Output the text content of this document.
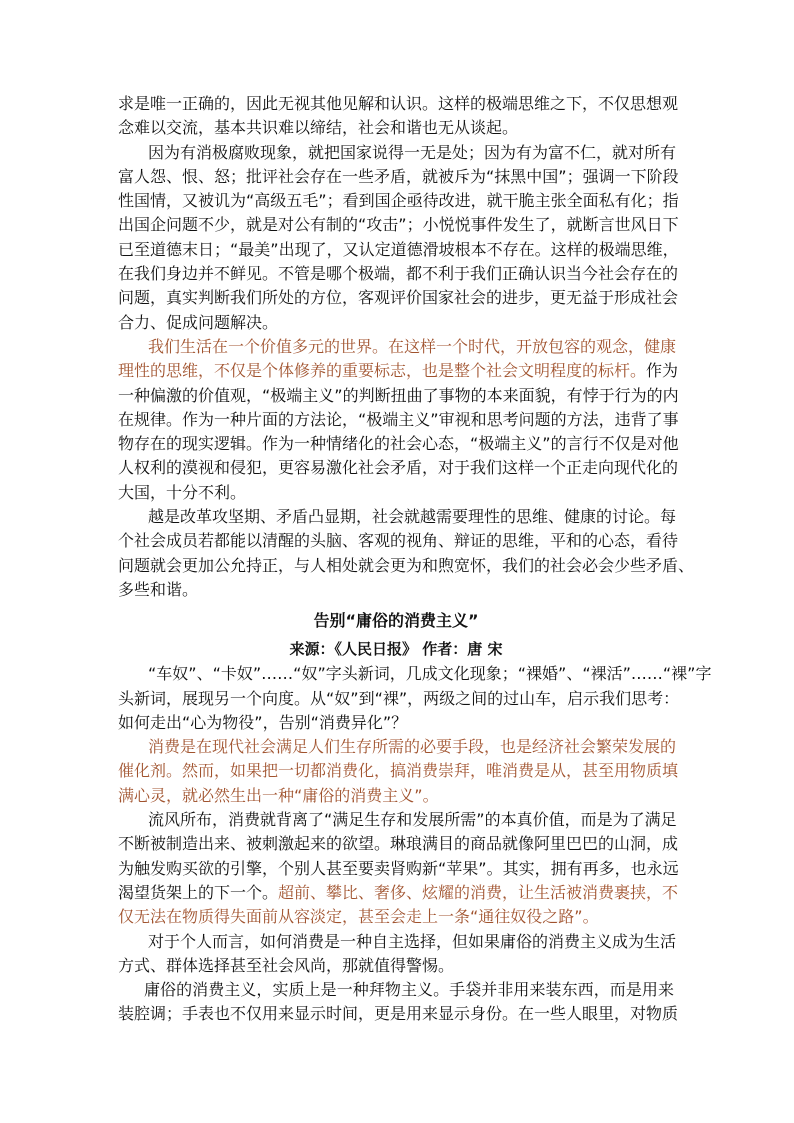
求是唯一正确的，因此无视其他见解和认识。这样的极端思维之下，不仅思想观
念难以交流，基本共识难以缔结，社会和谐也无从谈起。
因为有消极腐败现象，就把国家说得一无是处；因为有为富不仁，就对所有
富人怨、恨、怒；批评社会存在一些矛盾，就被斥为“抹黑中国”；强调一下阶段
性国情，又被讥为“高级五毛”；看到国企亟待改进，就干脆主张全面私有化；指
出国企问题不少，就是对公有制的“攻击”；小悦悦事件发生了，就断言世风日下
已至道德末日；“最美”出现了，又认定道德滑坡根本不存在。这样的极端思维，
在我们身边并不鲜见。不管是哪个极端，都不利于我们正确认识当今社会存在的
问题，真实判断我们所处的方位，客观评价国家社会的进步，更无益于形成社会
合力、促成问题解决。
我们生活在一个价值多元的世界。在这样一个时代，开放包容的观念，健康
理性的思维，不仅是个体修养的重要标志，也是整个社会文明程度的标杆。作为
一种偏激的价值观，“极端主义”的判断扭曲了事物的本来面貌，有悖于行为的内
在规律。作为一种片面的方法论，“极端主义”审视和思考问题的方法，违背了事
物存在的现实逻辑。作为一种情绪化的社会心态，“极端主义”的言行不仅是对他
人权利的漠视和侵犯，更容易激化社会矛盾，对于我们这样一个正走向现代化的
大国，十分不利。
越是改革攻坚期、矛盾凸显期，社会就越需要理性的思维、健康的讨论。每
个社会成员若都能以清醒的头脑、客观的视角、辩证的思维，平和的心态，看待
问题就会更加公允持正，与人相处就会更为和煦宽怀，我们的社会必会少些矛盾、
多些和谐。
告别“庸俗的消费主义”
来源：《人民日报》 作者：唐 宋
“车奴”、“卡奴”……“奴”字头新词，几成文化现象；“裸婚”、“裸活”……“裸”字
头新词，展现另一个向度。从“奴”到“裸”，两级之间的过山车，启示我们思考：
如何走出“心为物役”，告别“消费异化”？
消费是在现代社会满足人们生存所需的必要手段，也是经济社会繁荣发展的
催化剂。然而，如果把一切都消费化，搞消费崇拜，唯消费是从，甚至用物质填
满心灵，就必然生出一种“庸俗的消费主义”。
流风所布，消费就背离了“满足生存和发展所需”的本真价值，而是为了满足
不断被制造出来、被刺激起来的欲望。琳琅满目的商品就像阿里巴巴的山洞，成
为触发购买欲的引擎，个别人甚至要卖肾购新“苹果”。其实，拥有再多，也永远
渴望货架上的下一个。超前、攀比、奢侈、炫耀的消费，让生活被消费裹挟，不
仅无法在物质得失面前从容淡定，甚至会走上一条“通往奴役之路”。
对于个人而言，如何消费是一种自主选择，但如果庸俗的消费主义成为生活
方式、群体选择甚至社会风尚，那就值得警惕。
庸俗的消费主义，实质上是一种拜物主义。手袋并非用来装东西，而是用来
装腔调；手表也不仅用来显示时间，更是用来显示身份。在一些人眼里，对物质
